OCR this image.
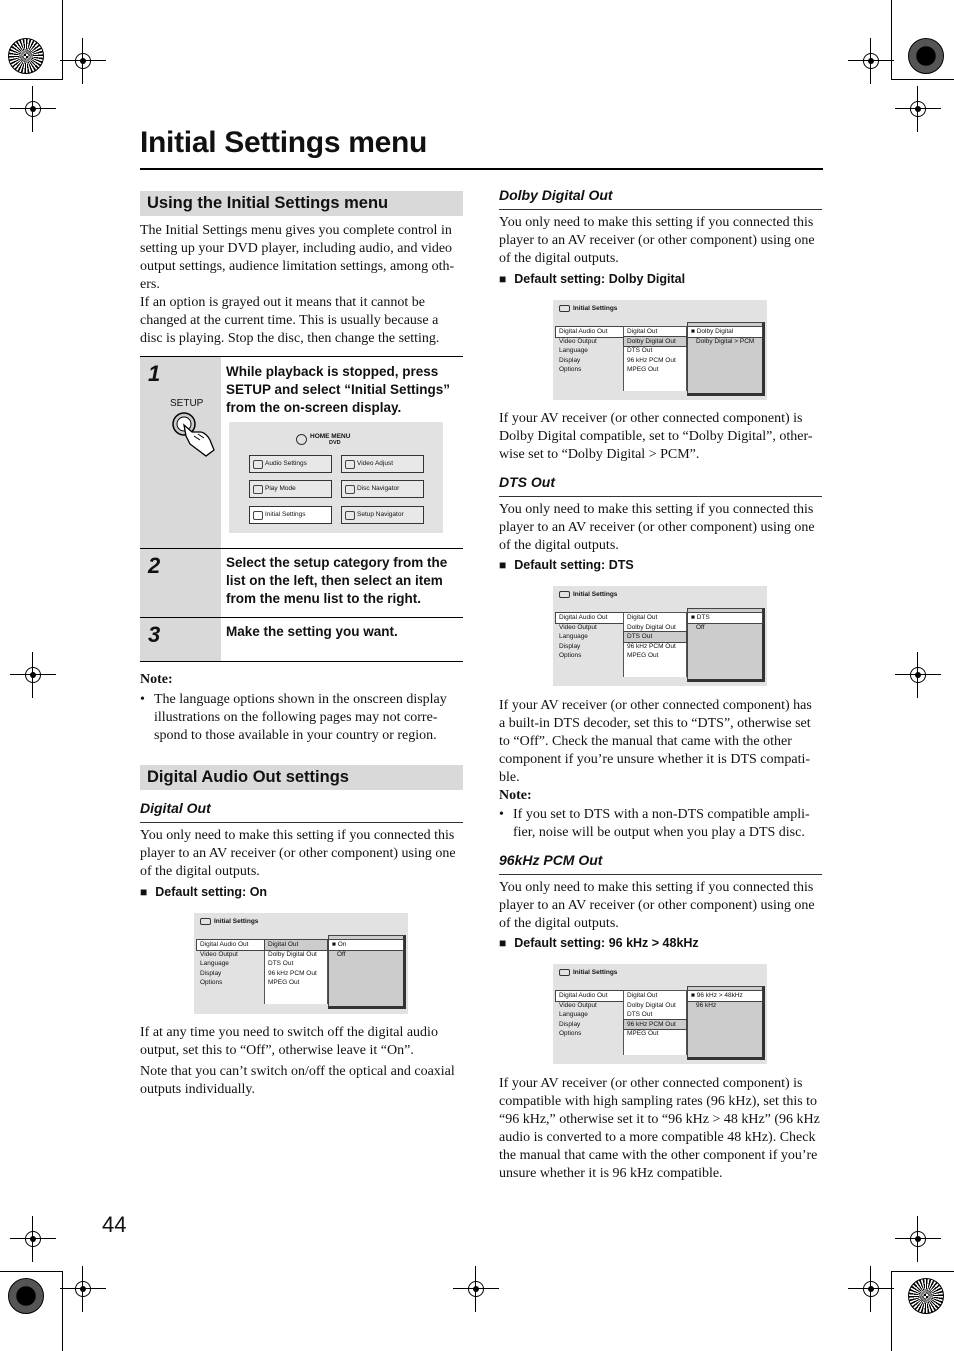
Initial Settings menu
Using the Initial Settings menu
The Initial Settings menu gives you complete control in
setting up your DVD player, including audio, and video
output settings, audience limitation settings, among oth-
ers.
If an option is grayed out it means that it cannot be
changed at the current time. This is usually because a
disc is playing. Stop the disc, then change the setting.
1	While playback is stopped, press
SETUP and select “Initial Settings”
from the on-screen display.
2	Select the setup category from the
list on the left, then select an item
from the menu list to the right.
3	Make the setting you want.
SETUP
HOME MENU
DVD
Audio Settings	Video Adjust
Play Mode	Disc Navigator
Initial Settings	Setup Navigator
Note:
• The language options shown in the onscreen display
illustrations on the following pages may not corre-
spond to those available in your country or region.
Digital Audio Out settings
Digital Out
You only need to make this setting if you connected this
player to an AV receiver (or other component) using one
of the digital outputs.
■ Default setting: On
Initial Settings
Digital Audio Out
Video Output
Language
Display
Options
Digital Out
Dolby Digital Out
DTS Out
96 kHz PCM Out
MPEG Out
■ On
Off
If at any time you need to switch off the digital audio
output, set this to “Off”, otherwise leave it “On”.
Note that you can’t switch on/off the optical and coaxial
outputs individually.
Dolby Digital Out
You only need to make this setting if you connected this
player to an AV receiver (or other component) using one
of the digital outputs.
■ Default setting: Dolby Digital
Initial Settings
Digital Audio Out
Video Output
Language
Display
Options
Digital Out
Dolby Digital Out
DTS Out
96 kHz PCM Out
MPEG Out
■ Dolby Digital
Dolby Digital > PCM
If your AV receiver (or other connected component) is
Dolby Digital compatible, set to “Dolby Digital”, other-
wise set to “Dolby Digital > PCM”.
DTS Out
You only need to make this setting if you connected this
player to an AV receiver (or other component) using one
of the digital outputs.
■ Default setting: DTS
Initial Settings
Digital Audio Out
Video Output
Language
Display
Options
Digital Out
Dolby Digital Out
DTS Out
96 kHz PCM Out
MPEG Out
■ DTS
Off
If your AV receiver (or other connected component) has
a built-in DTS decoder, set this to “DTS”, otherwise set
to “Off”. Check the manual that came with the other
component if you’re unsure whether it is DTS compati-
ble.
Note:
• If you set to DTS with a non-DTS compatible ampli-
fier, noise will be output when you play a DTS disc.
96kHz PCM Out
You only need to make this setting if you connected this
player to an AV receiver (or other component) using one
of the digital outputs.
■ Default setting: 96 kHz > 48kHz
Initial Settings
Digital Audio Out
Video Output
Language
Display
Options
Digital Out
Dolby Digital Out
DTS Out
96 kHz PCM Out
MPEG Out
■ 96 kHz > 48kHz
96 kHz
If your AV receiver (or other connected component) is
compatible with high sampling rates (96 kHz), set this to
“96 kHz,” otherwise set it to “96 kHz > 48 kHz” (96 kHz
audio is converted to a more compatible 48 kHz). Check
the manual that came with the other component if you’re
unsure whether it is 96 kHz compatible.
44
